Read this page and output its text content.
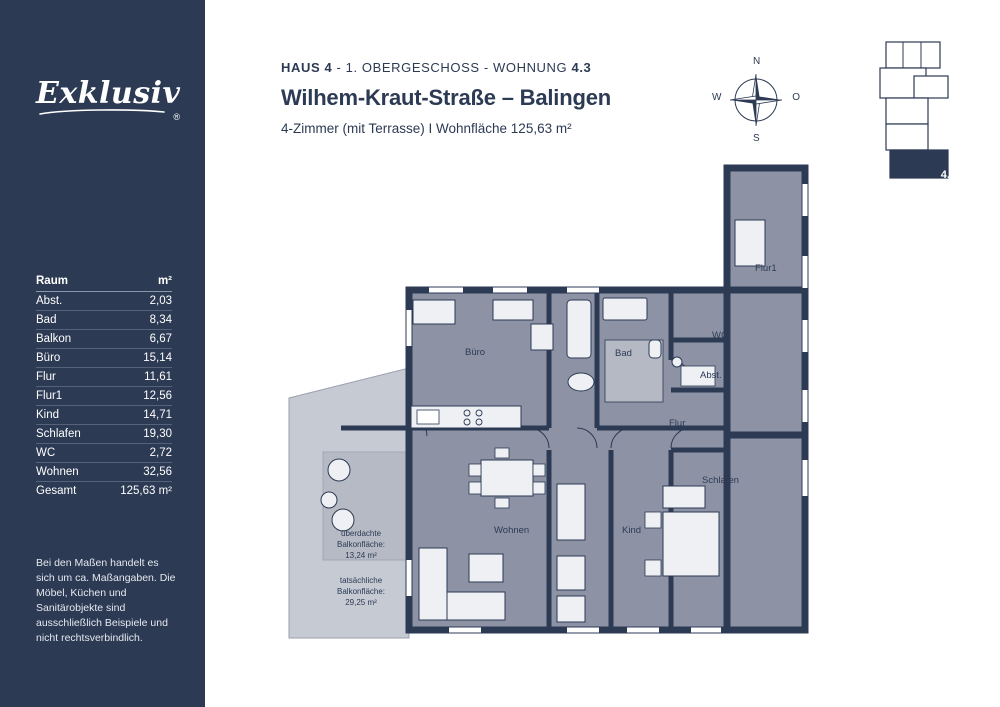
Exklusiv
®
Raum	m²
Abst.	2,03
Bad	8,34
Balkon	6,67
Büro	15,14
Flur	11,61
Flur1	12,56
Kind	14,71
Schlafen	19,30
WC	2,72
Wohnen	32,56
Gesamt	125,63 m²
Bei den Maßen handelt es sich um ca. Maßangaben. Die Möbel, Küchen und Sanitärobjekte sind ausschließlich Beispiele und nicht rechtsverbindlich.
HAUS 4 - 1. OBERGESCHOSS - WOHNUNG 4.3
Wilhem-Kraut-Straße – Balingen
4-Zimmer (mit Terrasse) I Wohnfläche 125,63 m²
N
S
W	O
4.3
Flur1
Büro	Bad
WC
Abst.
Flur
Schlafen
Wohnen	Kind
überdachte
Balkonfläche:
13,24 m²
tatsächliche
Balkonfläche:
29,25 m²
